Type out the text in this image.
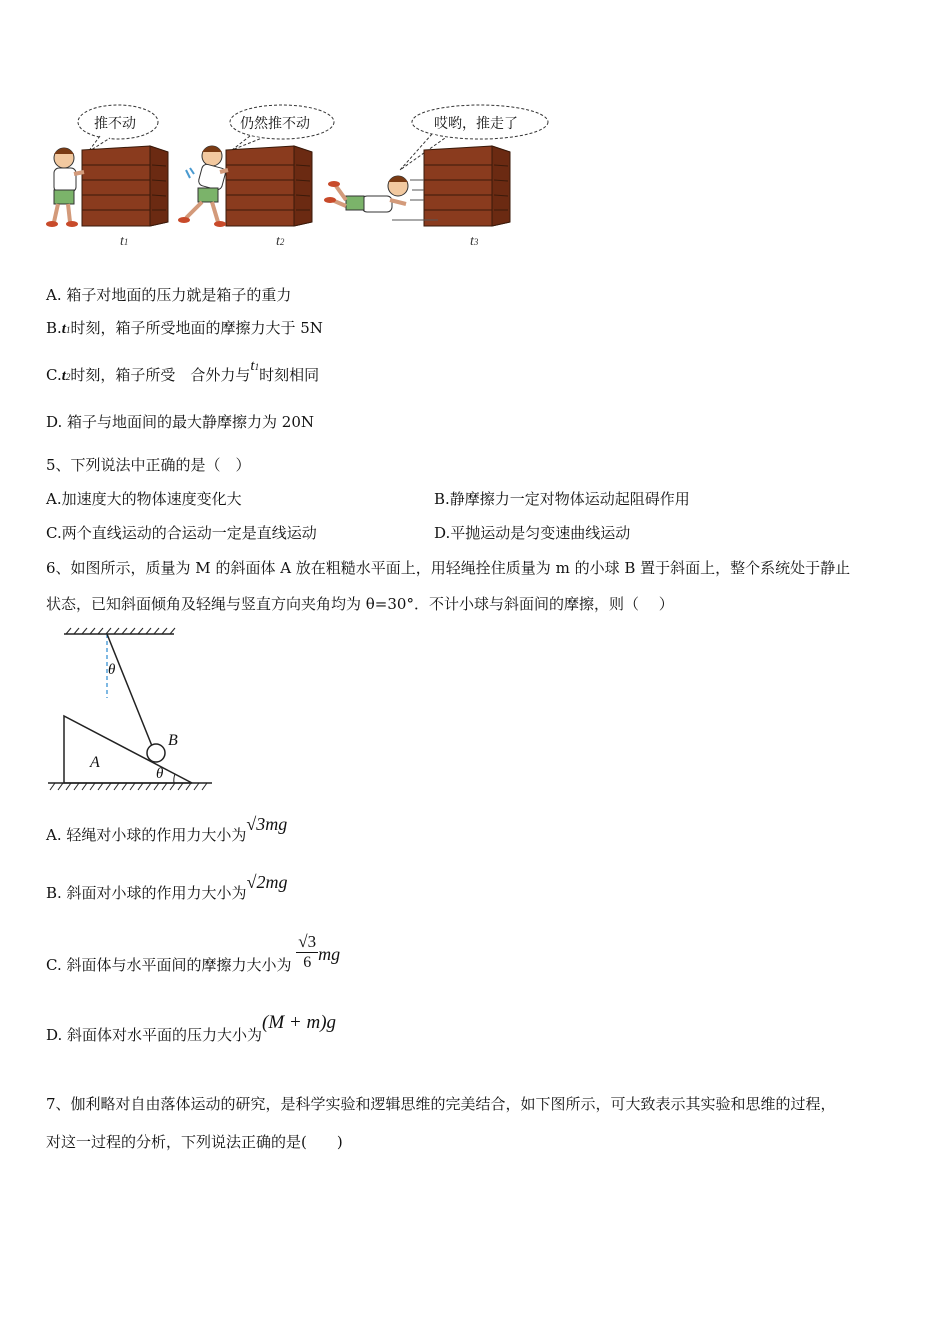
推不动	仍然推不动	哎哟，推走了
t1	t2	t3
A. 箱子对地面的压力就是箱子的重力
B.t1时刻，箱子所受地面的摩擦力大于 5N
C.t2时刻，箱子所受　合外力与t1时刻相同
D. 箱子与地面间的最大静摩擦力为 20N
5、下列说法中正确的是（　）
A.加速度大的物体速度变化大	B.静摩擦力一定对物体运动起阻碍作用
C.两个直线运动的合运动一定是直线运动	D.平抛运动是匀变速曲线运动
6、如图所示，质量为 M 的斜面体 A 放在粗糙水平面上，用轻绳拴住质量为 m 的小球 B 置于斜面上，整个系统处于静止
状态，已知斜面倾角及轻绳与竖直方向夹角均为 θ=30°．不计小球与斜面间的摩擦，则（　 ）
θ
θ
A
B
A. 轻绳对小球的作用力大小为√3mg
B. 斜面对小球的作用力大小为√2mg
C. 斜面体与水平面间的摩擦力大小为 $\frac{√3}{6}$ mg
D. 斜面体对水平面的压力大小为(M + m)g
7、伽利略对自由落体运动的研究，是科学实验和逻辑思维的完美结合，如下图所示，可大致表示其实验和思维的过程，
对这一过程的分析，下列说法正确的是(　　)
